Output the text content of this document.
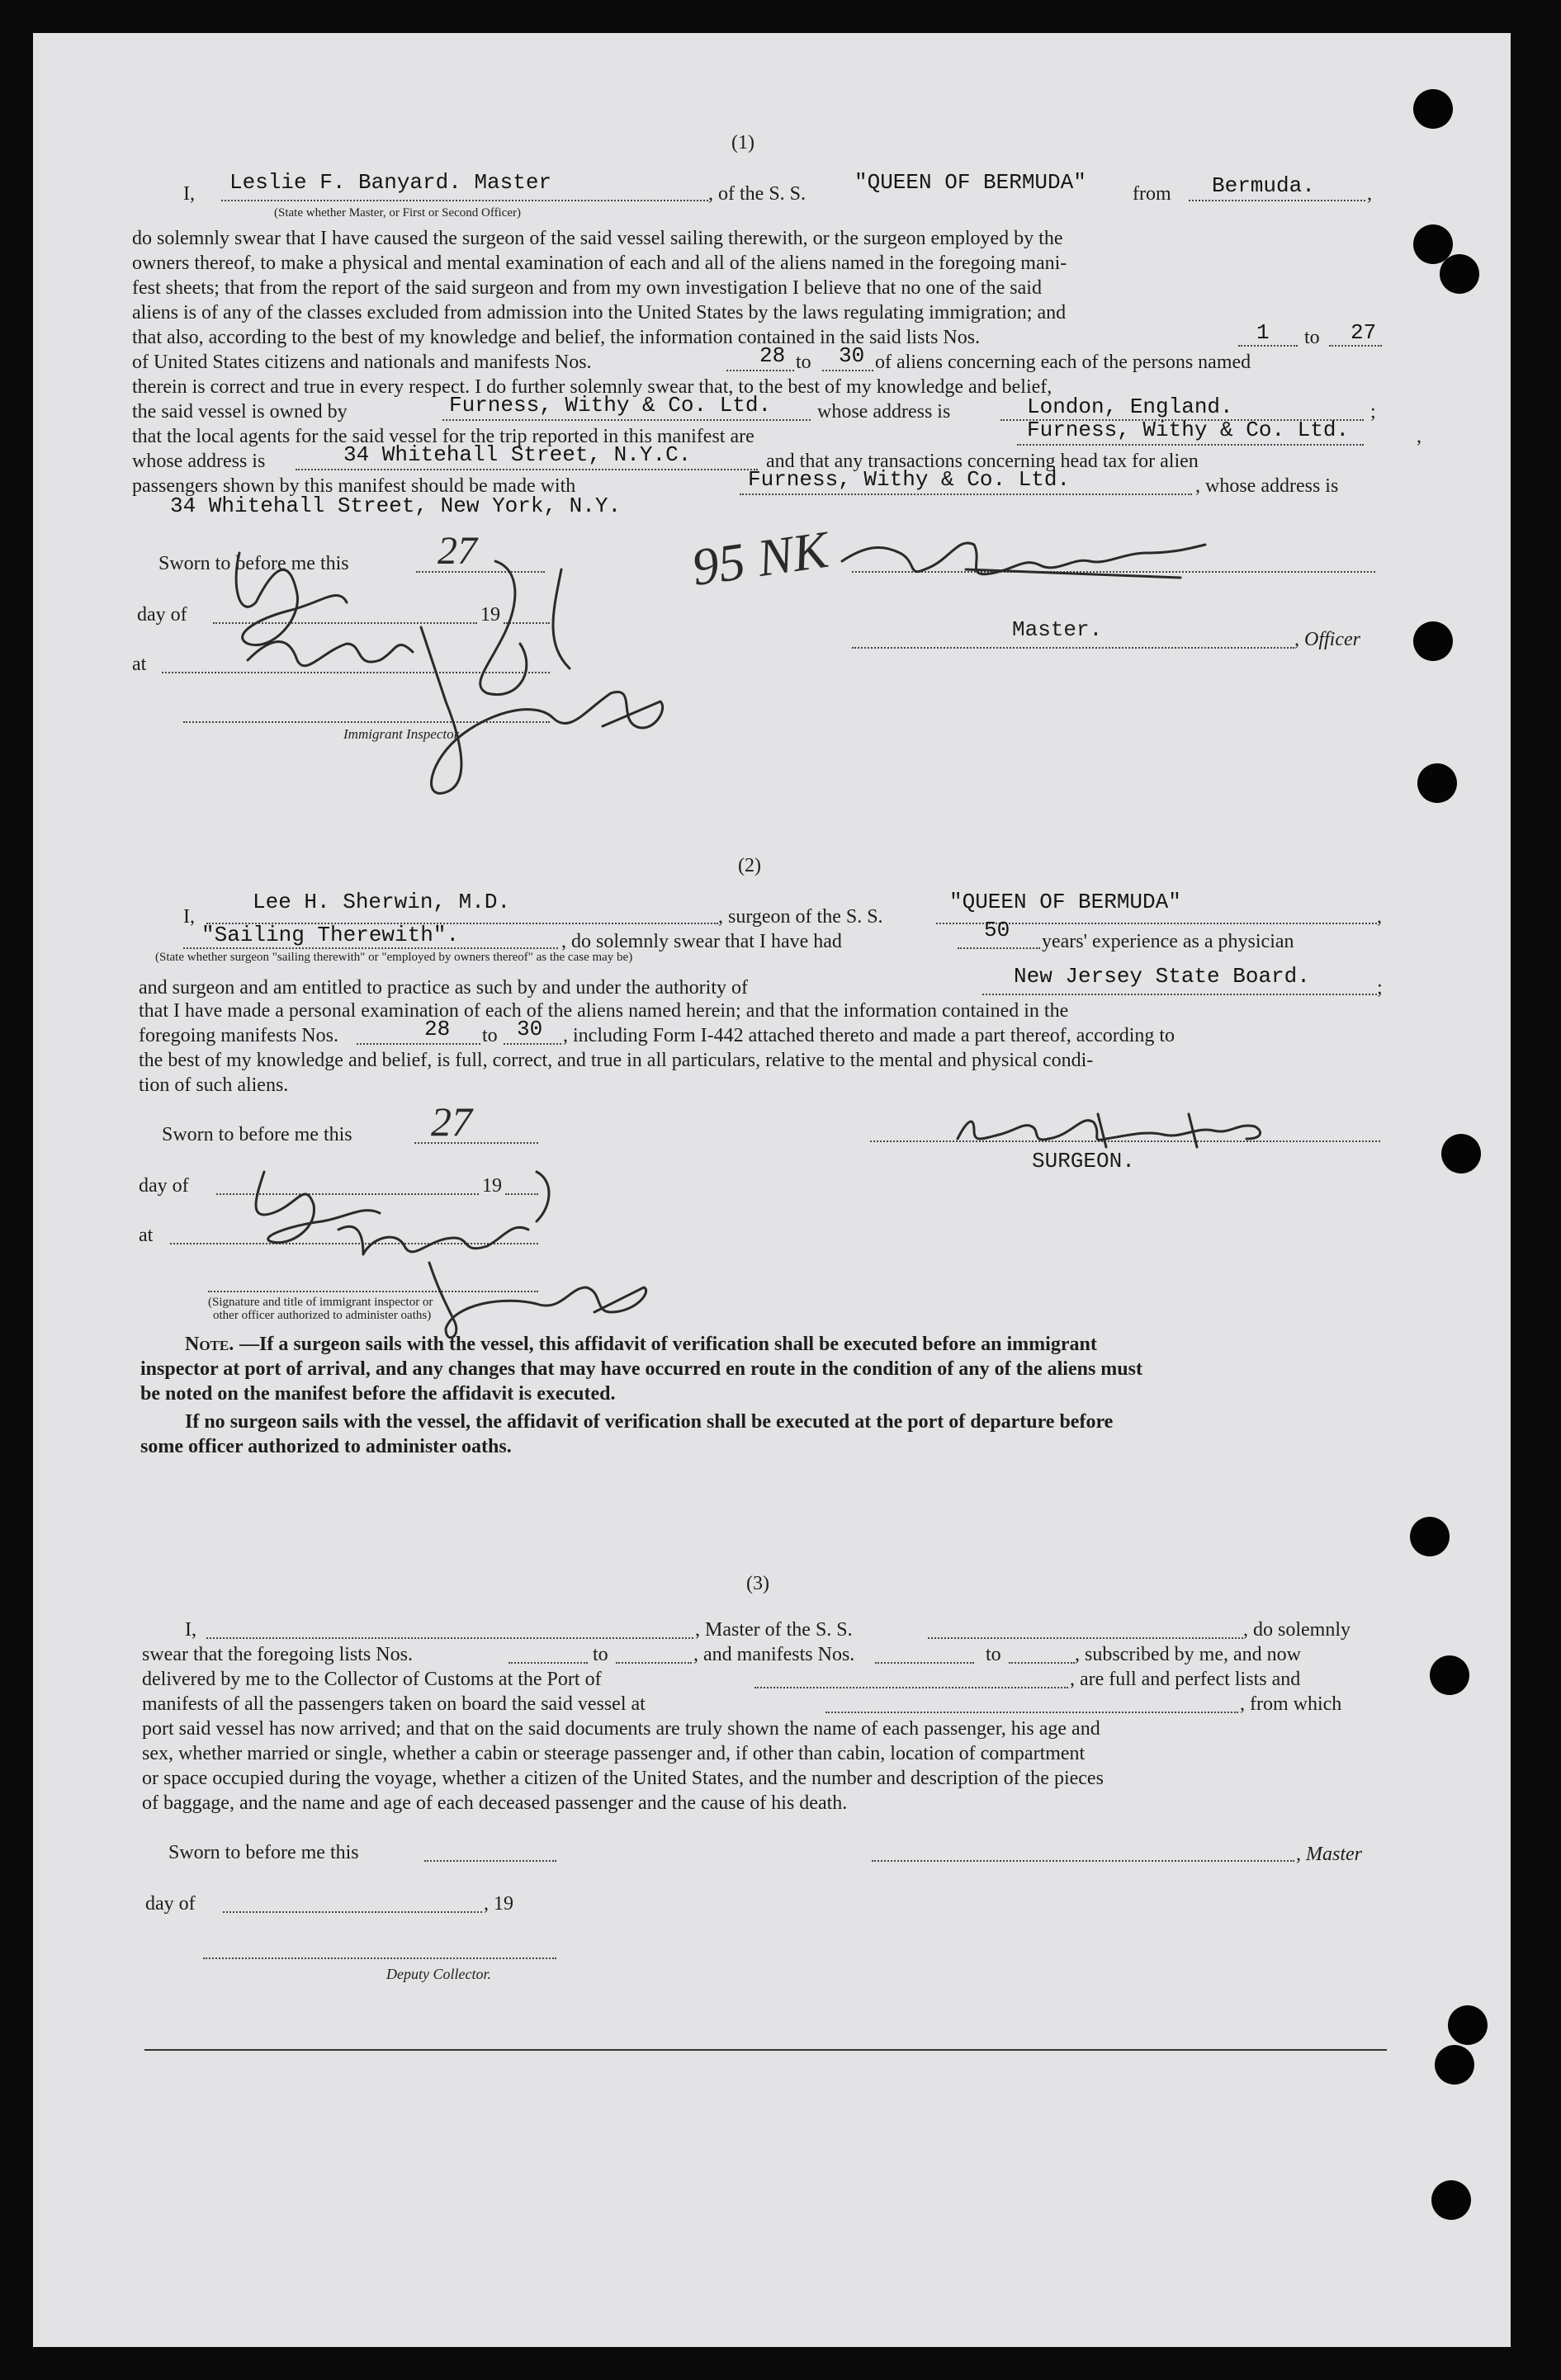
(1)
I, Leslie F. Banyard. Master	, of the S. S. "QUEEN OF BERMUDA" from Bermuda.	,
(State whether Master, or First or Second Officer)
do solemnly swear that I have caused the surgeon of the said vessel sailing therewith, or the surgeon employed by the
owners thereof, to make a physical and mental examination of each and all of the aliens named in the foregoing mani-
fest sheets; that from the report of the said surgeon and from my own investigation I believe that no one of the said
aliens is of any of the classes excluded from admission into the United States by the laws regulating immigration; and
that also, according to the best of my knowledge and belief, the information contained in the said lists Nos.	1 to 27
of United States citizens and nationals and manifests Nos.	28 to 30 of aliens concerning each of the persons named
therein is correct and true in every respect. I do further solemnly swear that, to the best of my knowledge and belief,
the said vessel is owned by	Furness, Withy & Co. Ltd. whose address is	London, England.	;
that the local agents for the said vessel for the trip reported in this manifest are	Furness, Withy & Co. Ltd.	,
whose address is	34 Whitehall Street, N.Y.C.	and that any transactions concerning head tax for alien
passengers shown by this manifest should be made with	Furness, Withy & Co. Ltd.	, whose address is
34 Whitehall Street, New York, N.Y.
Sworn to before me this 27
day of	19
Master.	, Officer
at
Immigrant Inspector.
95 NK
(2)
I,
Lee H. Sherwin, M.D.
, surgeon of the S. S.
"QUEEN OF BERMUDA"
,
"Sailing Therewith".	, do solemnly swear that I have had	50 years' experience as a physician
(State whether surgeon "sailing therewith" or "employed by owners thereof" as the case may be)
and surgeon and am entitled to practice as such by and under the authority of	New Jersey State Board.	;
that I have made a personal examination of each of the aliens named herein; and that the information contained in the
foregoing manifests Nos.	28 to 30 , including Form I-442 attached thereto and made a part thereof, according to
the best of my knowledge and belief, is full, correct, and true in all particulars, relative to the mental and physical condi-
tion of such aliens.
Sworn to before me this 27
SURGEON.
day of	19
at
(Signature and title of immigrant inspector or
other officer authorized to administer oaths)
Note. —If a surgeon sails with the vessel, this affidavit of verification shall be executed before an immigrant
inspector at port of arrival, and any changes that may have occurred en route in the condition of any of the aliens must
be noted on the manifest before the affidavit is executed.
If no surgeon sails with the vessel, the affidavit of verification shall be executed at the port of departure before
some officer authorized to administer oaths.
(3)
I,	, Master of the S. S.	, do solemnly
swear that the foregoing lists Nos.	to	, and manifests Nos.	to	, subscribed by me, and now
delivered by me to the Collector of Customs at the Port of	, are full and perfect lists and
manifests of all the passengers taken on board the said vessel at	, from which
port said vessel has now arrived; and that on the said documents are truly shown the name of each passenger, his age and
sex, whether married or single, whether a cabin or steerage passenger and, if other than cabin, location of compartment
or space occupied during the voyage, whether a citizen of the United States, and the number and description of the pieces
of baggage, and the name and age of each deceased passenger and the cause of his death.
Sworn to before me this	, Master
day of	, 19
Deputy Collector.
